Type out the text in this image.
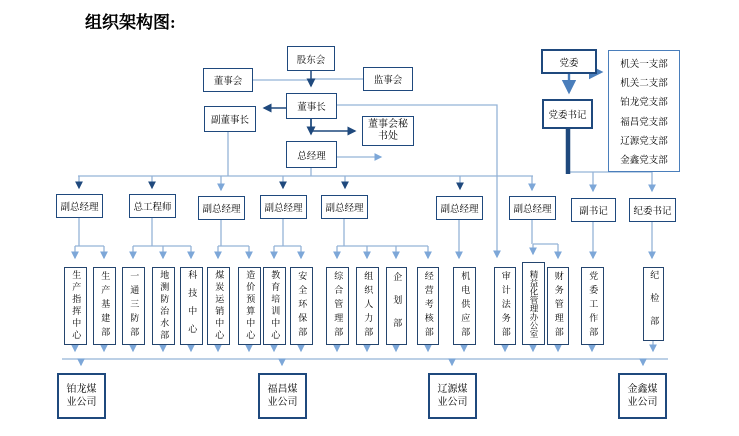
组织架构图:
股东会
董事会	监事会
董事长
副董事长	董事会秘书处
总经理
党委
党委书记
机关一支部
机关二支部
铂龙党支部
福昌党支部
辽源党支部
金鑫党支部
副总经理	总工程师	副总经理	副总经理	副总经理	副总经理	副总经理	副书记	纪委书记
生产指挥中心	生产基建部	一通三防部	地测防治水部	科技中心	煤炭运销中心	造价预算中心	教育培训中心	安全环保部	综合管理部	组织人力部	企划部	经营考核部	机电供应部	审计法务部	精益化管理办公室	财务管理部	党委工作部	纪检部
铂龙煤业公司
福昌煤业公司
辽源煤业公司
金鑫煤业公司
